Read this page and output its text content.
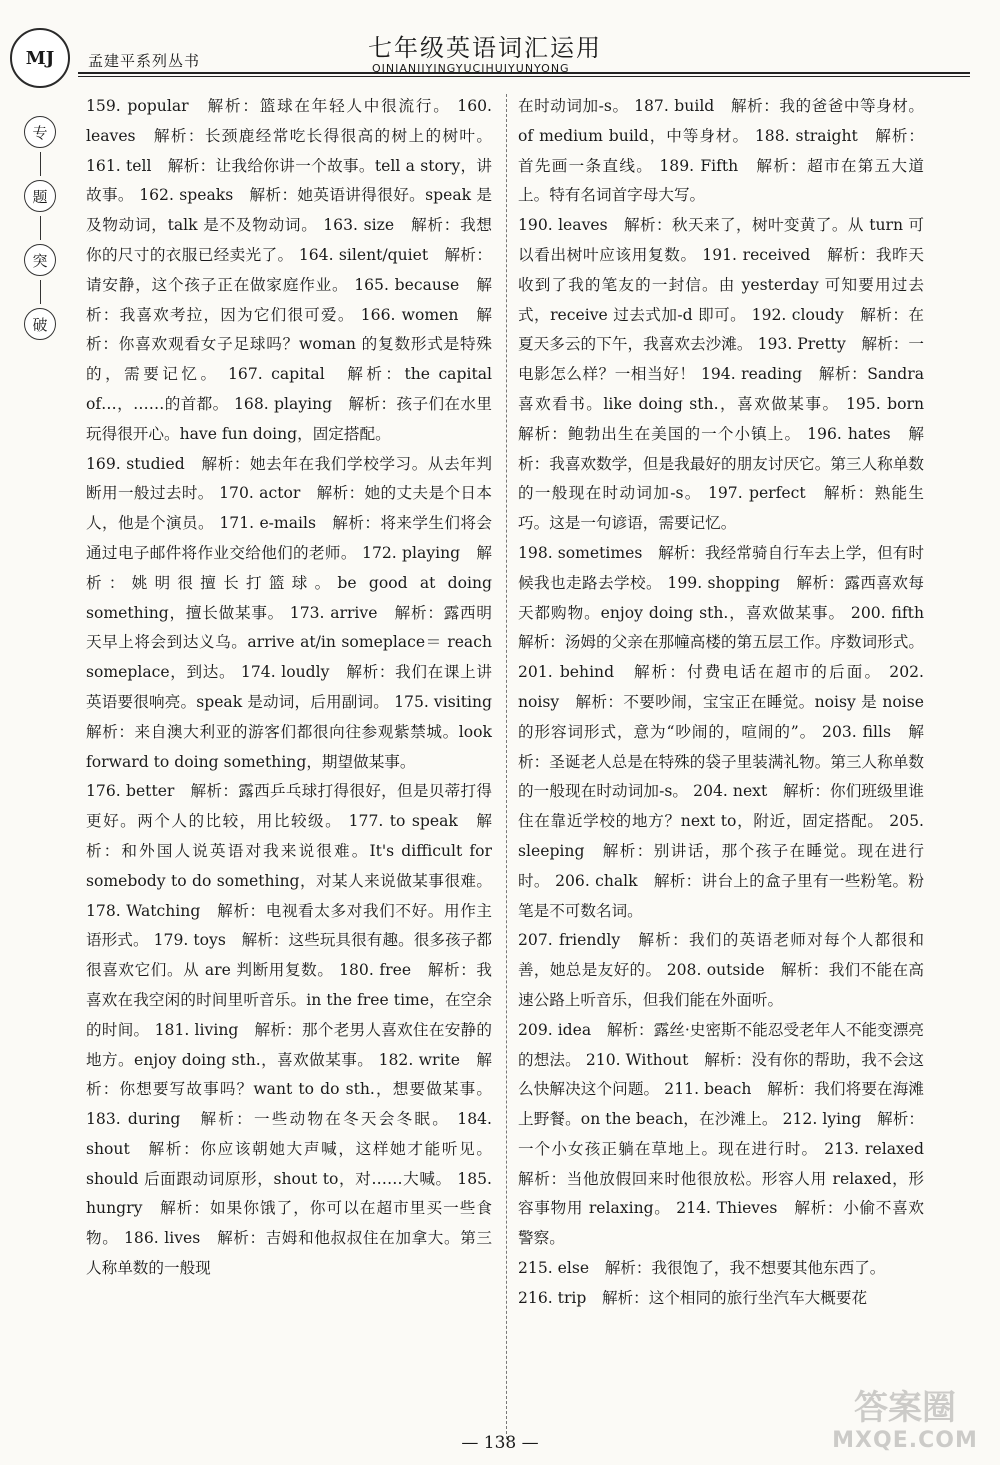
MJ 孟建平系列丛书	七年级英语词汇运用
QINIANJIYINGYUCIHUIYUNYONG
专
题
突
破

159. popular　解析：篮球在年轻人中很流行。 160. leaves　解析：长颈鹿经常吃长得很高的树上的树叶。 161. tell　解析：让我给你讲一个故事。tell a story，讲故事。 162. speaks　解析：她英语讲得很好。speak 是及物动词，talk 是不及物动词。 163. size　解析：我想你的尺寸的衣服已经卖光了。 164. silent/quiet　解析：请安静，这个孩子正在做家庭作业。 165. because　解析：我喜欢考拉，因为它们很可爱。 166. women　解析：你喜欢观看女子足球吗？woman 的复数形式是特殊的，需要记忆。 167. capital　解析：the capital of…，……的首都。 168. playing　解析：孩子们在水里玩得很开心。have fun doing，固定搭配。

169. studied　解析：她去年在我们学校学习。从去年判断用一般过去时。 170. actor　解析：她的丈夫是个日本人，他是个演员。 171. e-mails　解析：将来学生们将会通过电子邮件将作业交给他们的老师。 172. playing　解析：姚明很擅长打篮球。be good at doing something，擅长做某事。 173. arrive　解析：露西明天早上将会到达义乌。arrive at/in someplace＝ reach someplace，到达。 174. loudly　解析：我们在课上讲英语要很响亮。speak 是动词，后用副词。 175. visiting　解析：来自澳大利亚的游客们都很向往参观紫禁城。look forward to doing something，期望做某事。

176. better　解析：露西乒乓球打得很好，但是贝蒂打得更好。两个人的比较，用比较级。 177. to speak　解析：和外国人说英语对我来说很难。It's difficult for somebody to do something，对某人来说做某事很难。 178. Watching　解析：电视看太多对我们不好。用作主语形式。 179. toys　解析：这些玩具很有趣。很多孩子都很喜欢它们。从 are 判断用复数。 180. free　解析：我喜欢在我空闲的时间里听音乐。in the free time，在空余的时间。 181. living　解析：那个老男人喜欢住在安静的地方。enjoy doing sth.，喜欢做某事。 182. write　解析：你想要写故事吗？want to do sth.，想要做某事。 183. during　解析：一些动物在冬天会冬眠。 184. shout　解析：你应该朝她大声喊，这样她才能听见。should 后面跟动词原形，shout to，对……大喊。 185. hungry　解析：如果你饿了，你可以在超市里买一些食物。 186. lives　解析：吉姆和他叔叔住在加拿大。第三人称单数的一般现

在时动词加-s。 187. build　解析：我的爸爸中等身材。of medium build，中等身材。 188. straight　解析：首先画一条直线。 189. Fifth　解析：超市在第五大道上。特有名词首字母大写。

190. leaves　解析：秋天来了，树叶变黄了。从 turn 可以看出树叶应该用复数。 191. received　解析：我昨天收到了我的笔友的一封信。由 yesterday 可知要用过去式，receive 过去式加-d 即可。 192. cloudy　解析：在夏天多云的下午，我喜欢去沙滩。 193. Pretty　解析：一电影怎么样？一相当好！ 194. reading　解析：Sandra 喜欢看书。like doing sth.，喜欢做某事。 195. born　解析：鲍勃出生在美国的一个小镇上。 196. hates　解析：我喜欢数学，但是我最好的朋友讨厌它。第三人称单数的一般现在时动词加-s。 197. perfect　解析：熟能生巧。这是一句谚语，需要记忆。

198. sometimes　解析：我经常骑自行车去上学，但有时候我也走路去学校。 199. shopping　解析：露西喜欢每天都购物。enjoy doing sth.，喜欢做某事。 200. fifth　解析：汤姆的父亲在那幢高楼的第五层工作。序数词形式。 201. behind　解析：付费电话在超市的后面。 202. noisy　解析：不要吵闹，宝宝正在睡觉。noisy 是 noise 的形容词形式，意为“吵闹的，喧闹的”。 203. fills　解析：圣诞老人总是在特殊的袋子里装满礼物。第三人称单数的一般现在时动词加-s。 204. next　解析：你们班级里谁住在靠近学校的地方？next to，附近，固定搭配。 205. sleeping　解析：别讲话，那个孩子在睡觉。现在进行时。 206. chalk　解析：讲台上的盒子里有一些粉笔。粉笔是不可数名词。

207. friendly　解析：我们的英语老师对每个人都很和善，她总是友好的。 208. outside　解析：我们不能在高速公路上听音乐，但我们能在外面听。

209. idea　解析：露丝·史密斯不能忍受老年人不能变漂亮的想法。 210. Without　解析：没有你的帮助，我不会这么快解决这个问题。 211. beach　解析：我们将要在海滩上野餐。on the beach，在沙滩上。 212. lying　解析：一个小女孩正躺在草地上。现在进行时。 213. relaxed　解析：当他放假回来时他很放松。形容人用 relaxed，形容事物用 relaxing。 214. Thieves　解析：小偷不喜欢警察。

215. else　解析：我很饱了，我不想要其他东西了。

216. trip　解析：这个相同的旅行坐汽车大概要花

— 138 —
答案圈
MXQE.COM
